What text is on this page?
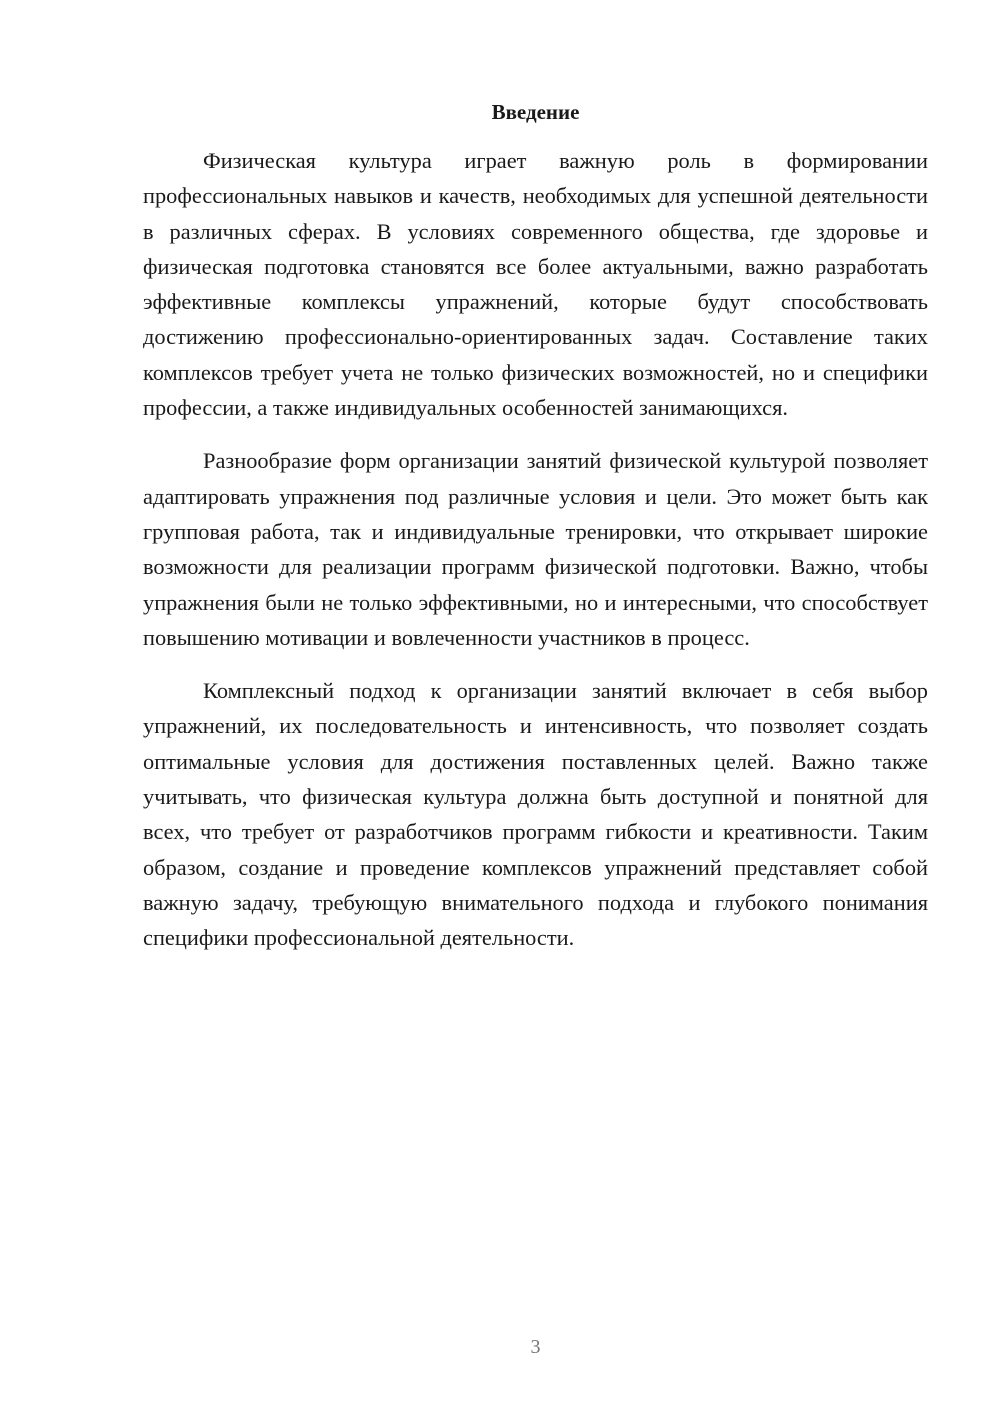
Введение

Физическая культура играет важную роль в формировании профессиональных навыков и качеств, необходимых для успешной деятельности в различных сферах. В условиях современного общества, где здоровье и физическая подготовка становятся все более актуальными, важно разработать эффективные комплексы упражнений, которые будут способствовать достижению профессионально-ориентированных задач. Составление таких комплексов требует учета не только физических возможностей, но и специфики профессии, а также индивидуальных особенностей занимающихся.

Разнообразие форм организации занятий физической культурой позволяет адаптировать упражнения под различные условия и цели. Это может быть как групповая работа, так и индивидуальные тренировки, что открывает широкие возможности для реализации программ физической подготовки. Важно, чтобы упражнения были не только эффективными, но и интересными, что способствует повышению мотивации и вовлеченности участников в процесс.

Комплексный подход к организации занятий включает в себя выбор упражнений, их последовательность и интенсивность, что позволяет создать оптимальные условия для достижения поставленных целей. Важно также учитывать, что физическая культура должна быть доступной и понятной для всех, что требует от разработчиков программ гибкости и креативности. Таким образом, создание и проведение комплексов упражнений представляет собой важную задачу, требующую внимательного подхода и глубокого понимания специфики профессиональной деятельности.

3
